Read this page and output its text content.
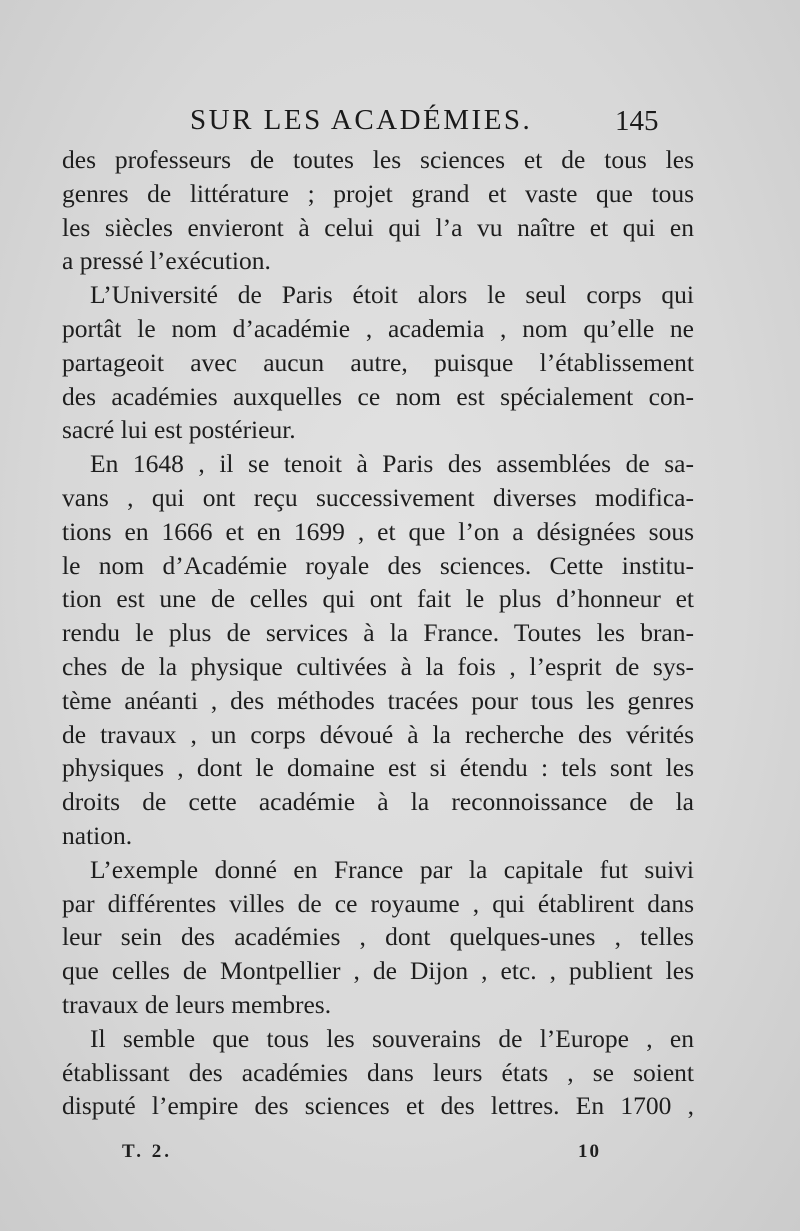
SUR LES ACADÉMIES.	145
des professeurs de toutes les sciences et de tous les
genres de littérature ; projet grand et vaste que tous
les siècles envieront à celui qui l’a vu naître et qui en
a pressé l’exécution.
L’Université de Paris étoit alors le seul corps qui
portât le nom d’académie , academia , nom qu’elle ne
partageoit avec aucun autre, puisque l’établissement
des académies auxquelles ce nom est spécialement con-
sacré lui est postérieur.
En 1648 , il se tenoit à Paris des assemblées de sa-
vans , qui ont reçu successivement diverses modifica-
tions en 1666 et en 1699 , et que l’on a désignées sous
le nom d’Académie royale des sciences. Cette institu-
tion est une de celles qui ont fait le plus d’honneur et
rendu le plus de services à la France. Toutes les bran-
ches de la physique cultivées à la fois , l’esprit de sys-
tème anéanti , des méthodes tracées pour tous les genres
de travaux , un corps dévoué à la recherche des vérités
physiques , dont le domaine est si étendu : tels sont les
droits de cette académie à la reconnoissance de la
nation.
L’exemple donné en France par la capitale fut suivi
par différentes villes de ce royaume , qui établirent dans
leur sein des académies , dont quelques-unes , telles
que celles de Montpellier , de Dijon , etc. , publient les
travaux de leurs membres.
Il semble que tous les souverains de l’Europe , en
établissant des académies dans leurs états , se soient
disputé l’empire des sciences et des lettres. En 1700 ,
T. 2.	10
